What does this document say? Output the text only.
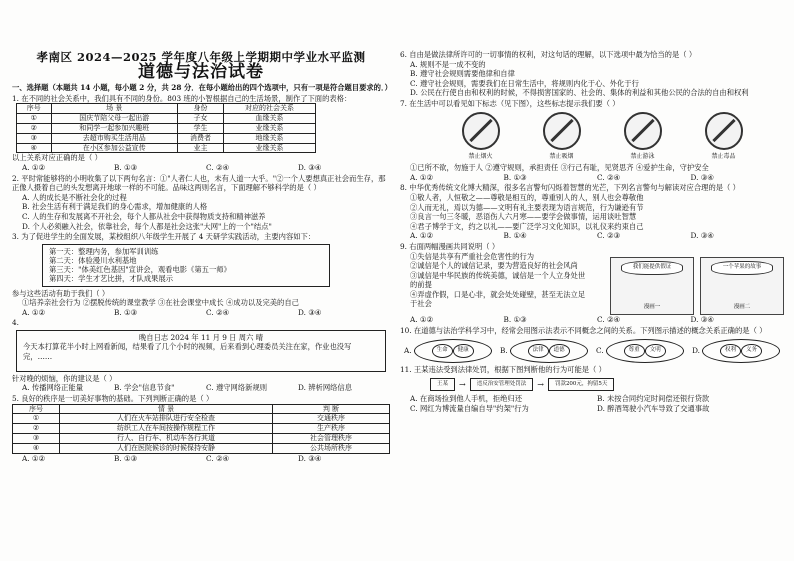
孝南区 2024—2025 学年度八年级上学期期中学业水平监测
道德与法治试卷

一、选择题（本题共 14 小题，每小题 2 分，共 28 分．在每小题给出的四个选项中，只有一项是符合题目要求的．）

1. 在不同的社会关系中，我们具有不同的身份。803 班的小智根据自己的生活场景，制作了下面的表格：

序号	场 景	身份	对应的社会关系
①	国庆节陪父母一起出游	子女	血缘关系
②	和同学一起参加兴趣班	学生	业缘关系
③	去超市购买生活用品	消费者	地缘关系
④	在小区参加公益宣传	业主	业缘关系

以上关系对应正确的是（ ）

A. ①②	B. ①③	C. ②④	D. ③④

2. 平时常能够将的小明收集了以下两句名言：①"人者仁人也，未有人道一大乎。"②一个人要想真正社会而生存，那正像人摄着自己的头发想离开地球一样的不可能。品味这两则名言，下面理解不够科学的是（ ）

A. 人的成长是不断社会化的过程

B. 社会生活有利于满足我们的身心需求，增加健康的人格

C. 人的生存和发展离不开社会，每个人都从社会中获得物质支持和精神滋养

D. 个人必须融入社会，依靠社会，每个人都是社会这张"大网"上的一个"结点"

3. 为了促进学生的全面发展，某校组织八年级学生开展了 4 天研学实践活动，主要内容如下：

第一天：整理内务，参加军训训练

第二天：体验漫川水利基地

第三天："体美红色基因"宣讲会，观看电影《第五一师》

第四天：学生才艺比拼，才队成果展示

参与这些活动有助于我们（ ）

①培养亲社会行为 ②摆脱传统的课堂教学 ③在社会课堂中成长 ④成功以及完美的自己

A. ①②	B. ①③	C. ②④	D. ③④

4.

晚自日志 2024 年 11 月 9 日 周六 晴

今天本打算花半小时上网看新闻，结果看了几个小时的视频，后来看到心理委员关注在家，作业也没写完，……

针对晚的烦恼，你的建议是（ ）

A. 传播网络正能量	B. 学会"信息节食"	C. 遵守网络新规则	D. 辨析网络信息

5. 良好的秩序是一切美好事物的基础。下列判断正确的是（ ）

序号	情 景	判 断
①	人们在火车站排队进行安全检查	交通秩序
②	纺织工人在车间按操作规程工作	生产秩序
③	行人、自行车、机动车各行其道	社会管理秩序
④	人们在医院候诊的时候保持安静	公共场所秩序
A. ①②	B. ①③	C. ②④	D. ③④

6. 自由是做法律所许可的一切事情的权利，对这句话的理解，以下选项中最为恰当的是（ ）

A. 规则不是一成不变的

B. 遵守社会规则需要他律和自律

C. 遵守社会规则，需要我们在日常生活中，将规则内化于心、外化于行

D. 公民在行使自由和权利的时候，不得损害国家的、社会的、集体的利益和其他公民的合法的自由和权利

7. 在生活中可以看见如下标志（见下图），这些标志提示我们要（ ）

禁止烟火	禁止吸烟	禁止游泳	禁止毒品

①已所不欲，勿施于人 ②遵守规则，承担责任 ③行己有耻，见贤思齐 ④爱护生命，守护安全

A. ①②	B. ①③	C. ②④	D. ③④

8. 中华优秀传统文化博大精深，很多名言警句闪烁着智慧的光芒，下列名言警句与解读对应合理的是（ ）

①敬人者，人恒敬之——尊敬是相互的，尊重别人的人，别人也会尊敬他

②人而无礼，焉以为德——文明有礼主要表现为语言规范，行为谦逊有节

③良言一句三冬暖，恶语伤人六月寒——要学会做事情，运用谈吐智慧

④君子博学于文，约之以礼——要广泛学习文化知识，以礼仪来约束自己

A. ①②	B. ①④	C. ②③	D. ③④

9. 右面两幅漫画共同说明（ ）

①失信是共享有严重社会危害性的行为

②诚信是个人的诚信记录，要为营造良好的社会风尚

③诚信是中华民族的传统美德，诚信是一个人立身处世的前提

④弄虚作假，口是心非，就会处处碰壁，甚至无法立足于社会

我们能提供假证
漫画一
一个苹果的故事
漫画二
A. ①②	B. ①③	C. ②④	D. ③④

10. 在道德与法治学科学习中，经常会用图示法表示不同概念之间的关系。下列图示描述的概念关系正确的是（ ）

A.	生命	健康	B.	法律	道德	C.	尊重	文明	D.	权利	义务

11. 王某违法受到法律处罚，根据下图判断他的行为可能是（ ）

王某	→	违反治安管理处罚法	→	罚款200元，拘留5天
A. 在商场捡到他人手机，拒绝归还	B. 未按合同约定时间偿还银行贷款
C. 网红为博流量自编自导"约架"行为	D. 醉酒驾驶小汽车导致了交通事故
